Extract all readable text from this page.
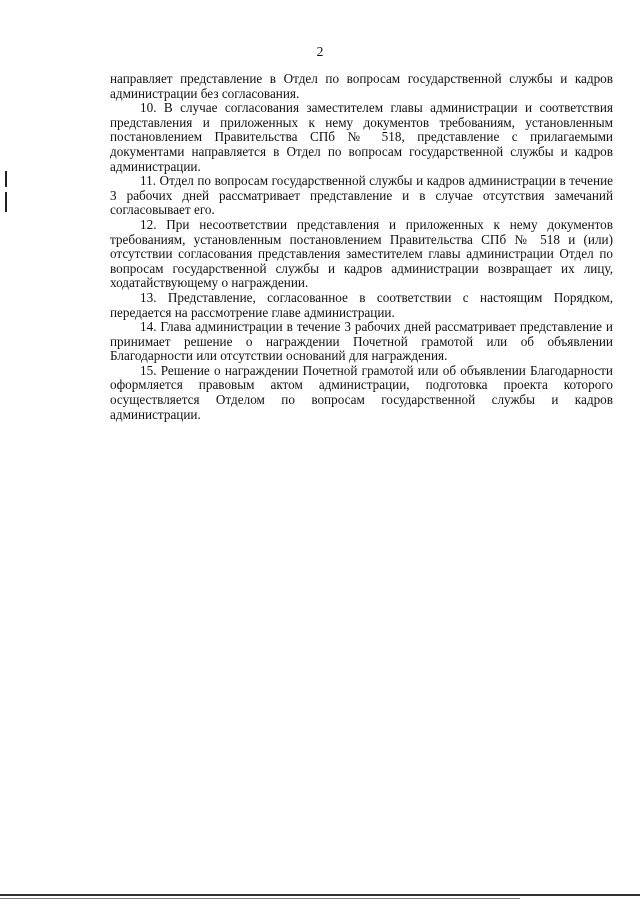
2

направляет представление в Отдел по вопросам государственной службы и кадров администрации без согласования.

10. В случае согласования заместителем главы администрации и соответствия представления и приложенных к нему документов требованиям, установленным постановлением Правительства СПб № 518, представление с прилагаемыми документами направляется в Отдел по вопросам государственной службы и кадров администрации.

11. Отдел по вопросам государственной службы и кадров администрации в течение 3 рабочих дней рассматривает представление и в случае отсутствия замечаний согласовывает его.

12. При несоответствии представления и приложенных к нему документов требованиям, установленным постановлением Правительства СПб № 518 и (или) отсутствии согласования представления заместителем главы администрации Отдел по вопросам государственной службы и кадров администрации возвращает их лицу, ходатайствующему о награждении.

13. Представление, согласованное в соответствии с настоящим Порядком, передается на рассмотрение главе администрации.

14. Глава администрации в течение 3 рабочих дней рассматривает представление и принимает решение о награждении Почетной грамотой или об объявлении Благодарности или отсутствии оснований для награждения.

15. Решение о награждении Почетной грамотой или об объявлении Благодарности оформляется правовым актом администрации, подготовка проекта которого осуществляется Отделом по вопросам государственной службы и кадров администрации.
